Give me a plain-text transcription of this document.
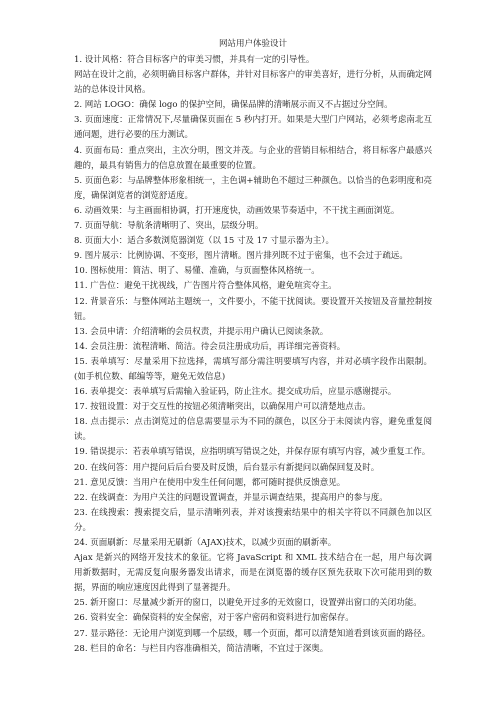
网站用户体验设计

1. 设计风格：符合目标客户的审美习惯，并具有一定的引导性。

网站在设计之前，必须明确目标客户群体，并针对目标客户的审美喜好，进行分析，从而确定网站的总体设计风格。

2. 网站 LOGO：确保 logo 的保护空间，确保品牌的清晰展示而又不占据过分空间。

3. 页面速度：正常情况下,尽量确保页面在 5 秒内打开。如果是大型门户网站，必须考虑南北互通问题，进行必要的压力测试。

4. 页面布局：重点突出，主次分明，图文并茂。与企业的营销目标相结合，将目标客户最感兴趣的，最具有销售力的信息放置在最重要的位置。

5. 页面色彩：与品牌整体形象相统一，主色调+辅助色不超过三种颜色。以恰当的色彩明度和亮度，确保浏览者的浏览舒适度。

6. 动画效果：与主画面相协调，打开速度快，动画效果节奏适中，不干扰主画面浏览。

7. 页面导航：导航条清晰明了、突出，层级分明。

8. 页面大小：适合多数浏览器浏览（以 15 寸及 17 寸显示器为主）。

9. 图片展示：比例协调、不变形，图片清晰。图片排列既不过于密集，也不会过于疏远。

10. 图标使用：简洁、明了、易懂、准确，与页面整体风格统一。

11. 广告位：避免干扰视线，广告图片符合整体风格，避免喧宾夺主。

12. 背景音乐：与整体网站主题统一，文件要小，不能干扰阅读。要设置开关按钮及音量控制按钮。

13. 会员申请：介绍清晰的会员权责，并提示用户确认已阅读条款。

14. 会员注册：流程清晰、简洁。待会员注册成功后，再详细完善资料。

15. 表单填写：尽量采用下拉选择，需填写部分需注明要填写内容，并对必填字段作出限制。(如手机位数、邮编等等，避免无效信息)

16. 表单提交：表单填写后需输入验证码，防止注水。提交成功后，应显示感谢提示。

17. 按钮设置：对于交互性的按钮必须清晰突出，以确保用户可以清楚地点击。

18. 点击提示：点击浏览过的信息需要显示为不同的颜色，以区分于未阅读内容，避免重复阅读。

19. 错误提示：若表单填写错误，应指明填写错误之处，并保存原有填写内容，减少重复工作。

20. 在线问答：用户提问后后台要及时反馈，后台显示有新提问以确保回复及时。

21. 意见反馈：当用户在使用中发生任何问题，都可随时提供反馈意见。

22. 在线调查：为用户关注的问题设置调查，并显示调查结果，提高用户的参与度。

23. 在线搜索：搜索提交后，显示清晰列表，并对该搜索结果中的相关字符以不同颜色加以区分。

24. 页面刷新：尽量采用无刷新（AJAX)技术，以减少页面的刷新率。

Ajax 是新兴的网络开发技术的象征。它将 JavaScript 和 XML 技术结合在一起，用户每次调用新数据时，无需反复向服务器发出请求，而是在浏览器的缓存区预先获取下次可能用到的数据，界面的响应速度因此得到了显著提升。

25. 新开窗口：尽量减少新开的窗口，以避免开过多的无效窗口，设置弹出窗口的关闭功能。

26. 资料安全：确保资料的安全保密，对于客户密码和资料进行加密保存。

27. 显示路径：无论用户浏览到哪一个层级，哪一个页面，都可以清楚知道看到该页面的路径。

28. 栏目的命名：与栏目内容准确相关，简洁清晰，不宜过于深奥。
